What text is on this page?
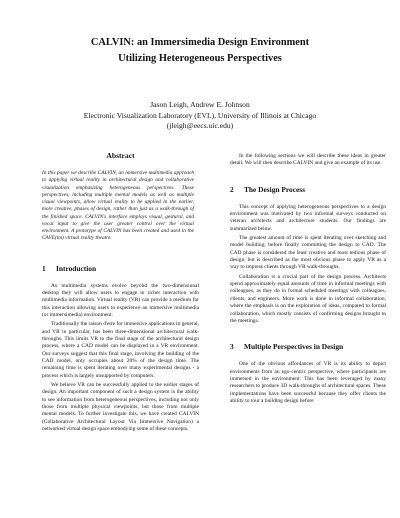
CALVIN: an Immersimedia Design Environment
Utilizing Heterogeneous Perspectives
Jason Leigh, Andrew E. Johnson
Electronic Visualization Laboratory (EVL), University of Illinois at Chicago
(jleigh@eecs.uic.edu)
Abstract

In this paper we describe CALVIN, an immersive multimedia approach to applying virtual reality in architectural design and collaborative visualization emphasizing heterogeneous perspectives. These perspectives, including multiple mental models as well as multiple visual viewpoints, allow virtual reality to be applied in the earlier, more creative, phases of design, rather than just as a walk-through of the finished space. CALVIN's interface employs visual, gestural, and vocal input to give the user greater control over the virtual environment. A prototype of CALVIN has been created and used in the CAVE(tm) virtual reality theatre.

1 Introduction

As multimedia systems evolve beyond the two-dimensional desktop they will allow users to engage in richer interaction with multimedia information. Virtual reality (VR) can provide a medium for this interaction allowing users to experience an immersive multimedia (or immersimedia) environment.

Traditionally the raison d'etre for immersive applications in general, and VR in particular, has been three-dimensional architectural walk-throughs. This limits VR to the final stage of the architectural design process, where a CAD model can be displayed in a VR environment. Our surveys suggest that this final stage, involving the building of the CAD model, only occupies about 20% of the design time. The remaining time is spent iterating over many experimental designs - a process which is largely unsupported by computers.

We believe VR can be successfully applied to the earlier stages of design. An important component of such a design system is the ability to see information from heterogeneous perspectives, including not only those from multiple physical viewpoints, but those from multiple mental models. To further investigate this, we have created CALVIN (Collaborative Architectural Layout Via Immersive Navigation) a networked virtual design space embodying some of these concepts.

In the following sections we will describe these ideas in greater detail. We will then describe CALVIN and give an example of its use.

2 The Design Process

This concept of applying heterogeneous perspectives to a design environment was motivated by two informal surveys conducted on veteran architects and architecture students. Our findings are summarized below.

The greatest amount of time is spent iterating over sketching and model building, before finally committing the design to CAD. The CAD phase is considered the least creative and most tedious phase of design, but is described as the most obvious phase to apply VR as a way to impress clients through VR walk-throughs.

Collaboration is a crucial part of the design process. Architects spend approximately equal amounts of time in informal meetings with colleagues, as they do in formal scheduled meetings with colleagues, clients, and engineers. More work is done in informal collaboration, where the emphasis is on the exploration of ideas, compared to formal collaboration, which mostly consists of confirming designs brought to the meetings.

3 Multiple Perspectives in Design

One of the obvious affordances of VR is its ability to depict environments from an ego-centric perspective, where participants are immersed in the environment. This has been leveraged by many researchers to produce 3D walk-throughs of architectural spaces. These implementations have been successful because they offer clients the ability to tour a building design before
